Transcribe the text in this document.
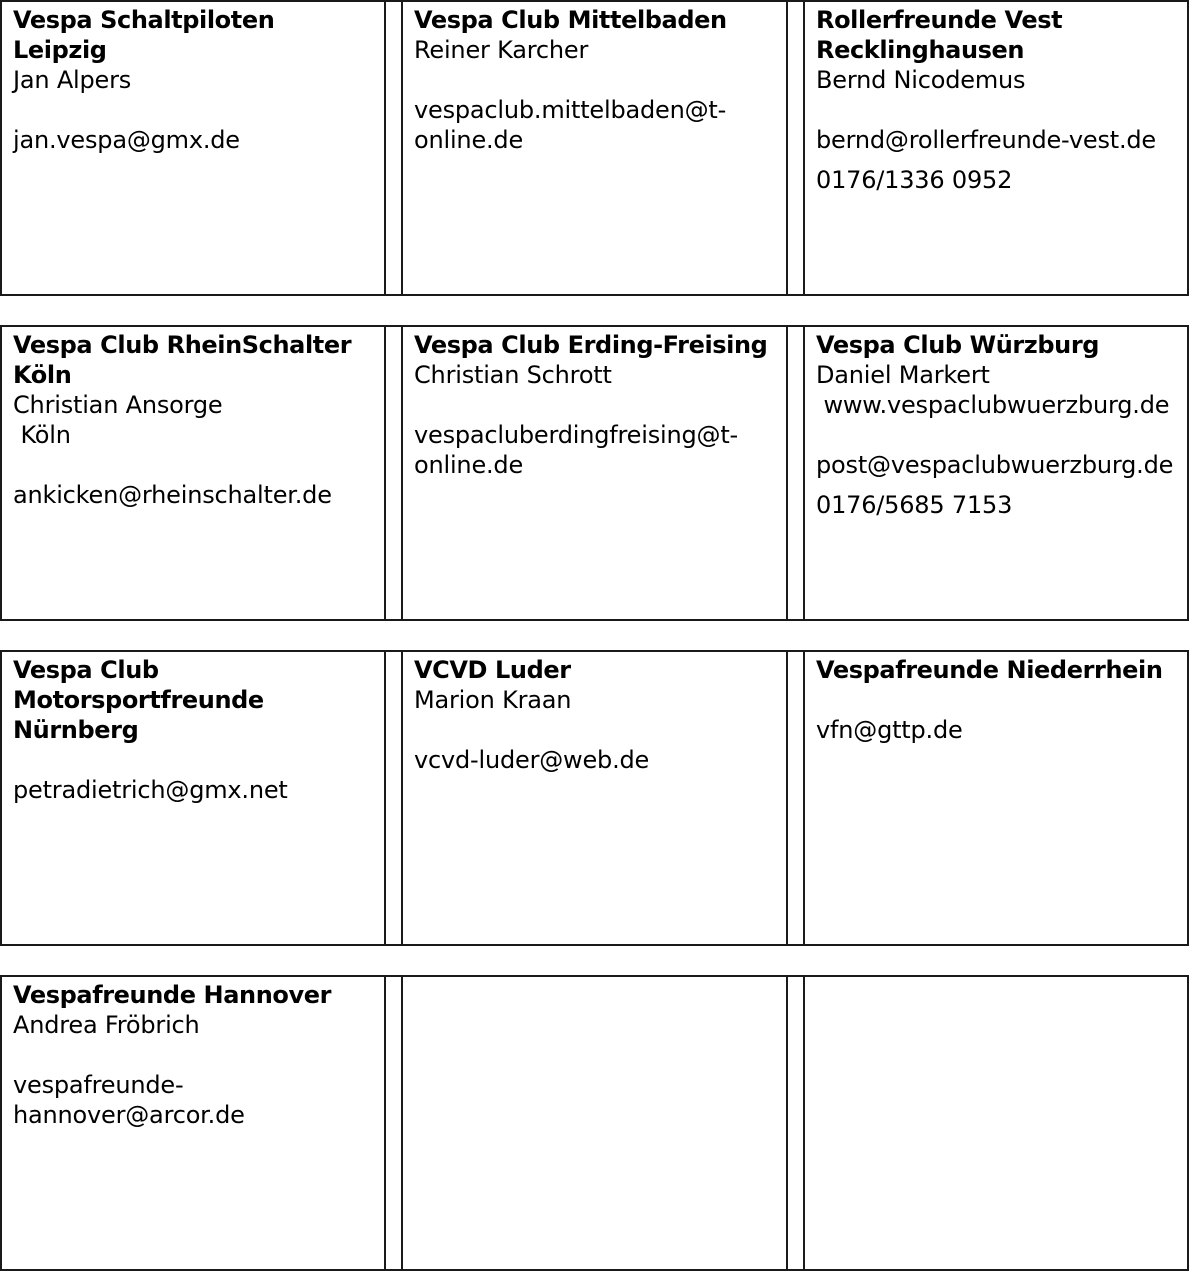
Vespa Schaltpiloten Leipzig
Jan Alpers
jan.vespa@gmx.de
Vespa Club Mittelbaden
Reiner Karcher
vespaclub.mittelbaden@t-online.de
Rollerfreunde Vest Recklinghausen
Bernd Nicodemus
bernd@rollerfreunde-vest.de
0176/1336 0952
Vespa Club RheinSchalter Köln
Christian Ansorge
Köln
ankicken@rheinschalter.de
Vespa Club Erding-Freising
Christian Schrott
vespacluberdingfreising@t-online.de
Vespa Club Würzburg
Daniel Markert
www.vespaclubwuerzburg.de
post@vespaclubwuerzburg.de
0176/5685 7153
Vespa Club Motorsportfreunde Nürnberg
petradietrich@gmx.net
VCVD Luder
Marion Kraan
vcvd-luder@web.de
Vespafreunde Niederrhein
vfn@gttp.de
Vespafreunde Hannover
Andrea Fröbrich
vespafreunde-hannover@arcor.de
